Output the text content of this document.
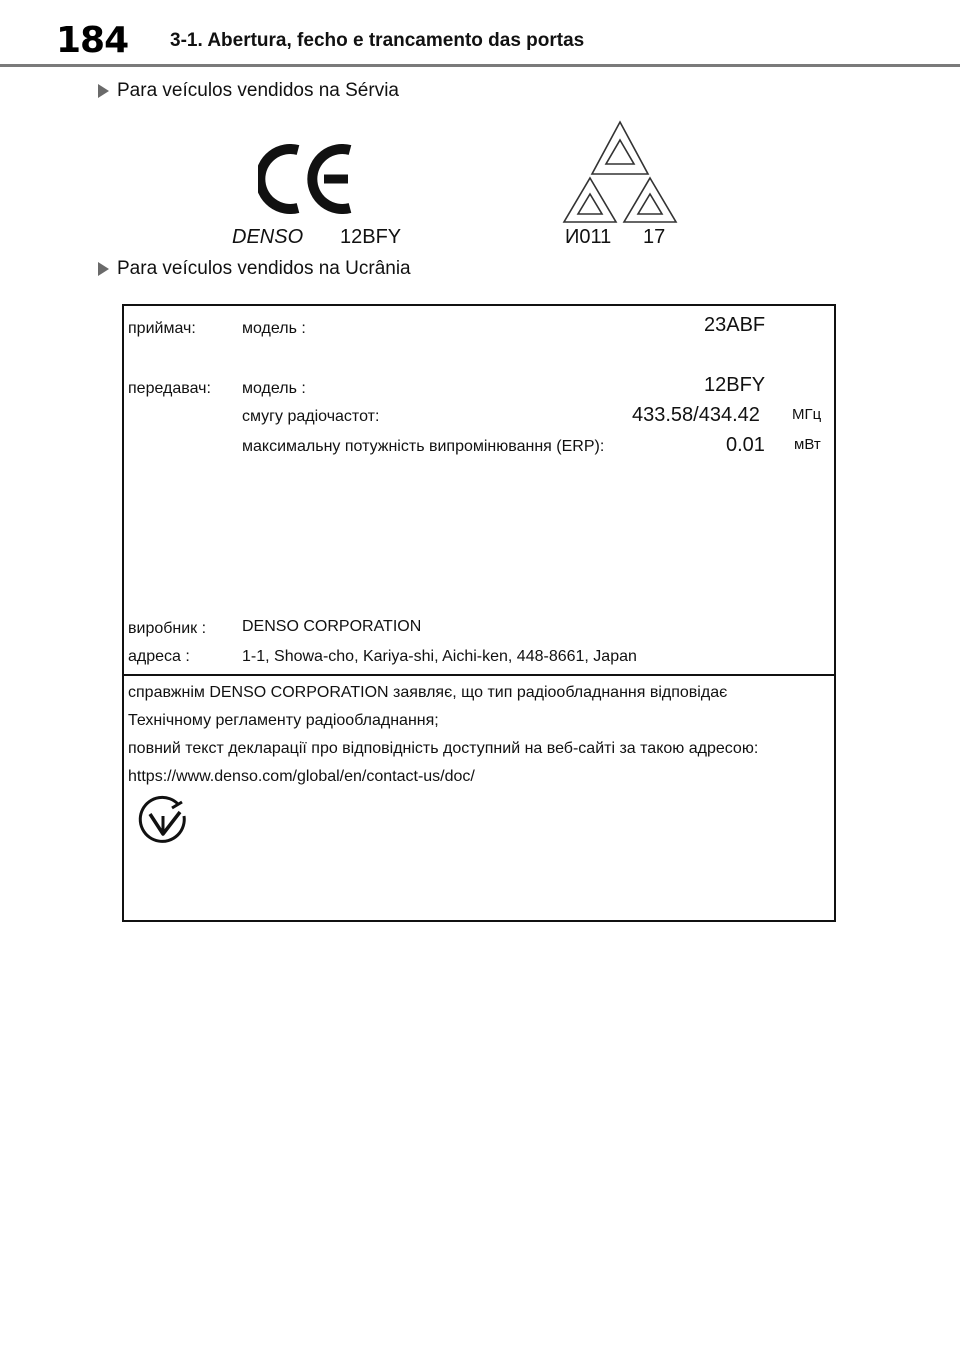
184 3-1. Abertura, fecho e trancamento das portas
Para veículos vendidos na Sérvia
DENSO 12BFY	И011 17
Para veículos vendidos na Ucrânia
приймач:	модель :	23ABF
передавач: модель :	12BFY
смугу радіочастот:	433.58/434.42 МГц
максимальну потужність випромінювання (ERP):	0.01 мВт
виробник : DENSO CORPORATION
адреса :	1-1, Showa-cho, Kariya-shi, Aichi-ken, 448-8661, Japan
справжнім DENSO CORPORATION заявляє, що тип радіообладнання відповідає
Технічному регламенту радіообладнання;
повний текст декларації про відповідність доступний на веб-сайті за такою адресою:
https://www.denso.com/global/en/contact-us/doc/
